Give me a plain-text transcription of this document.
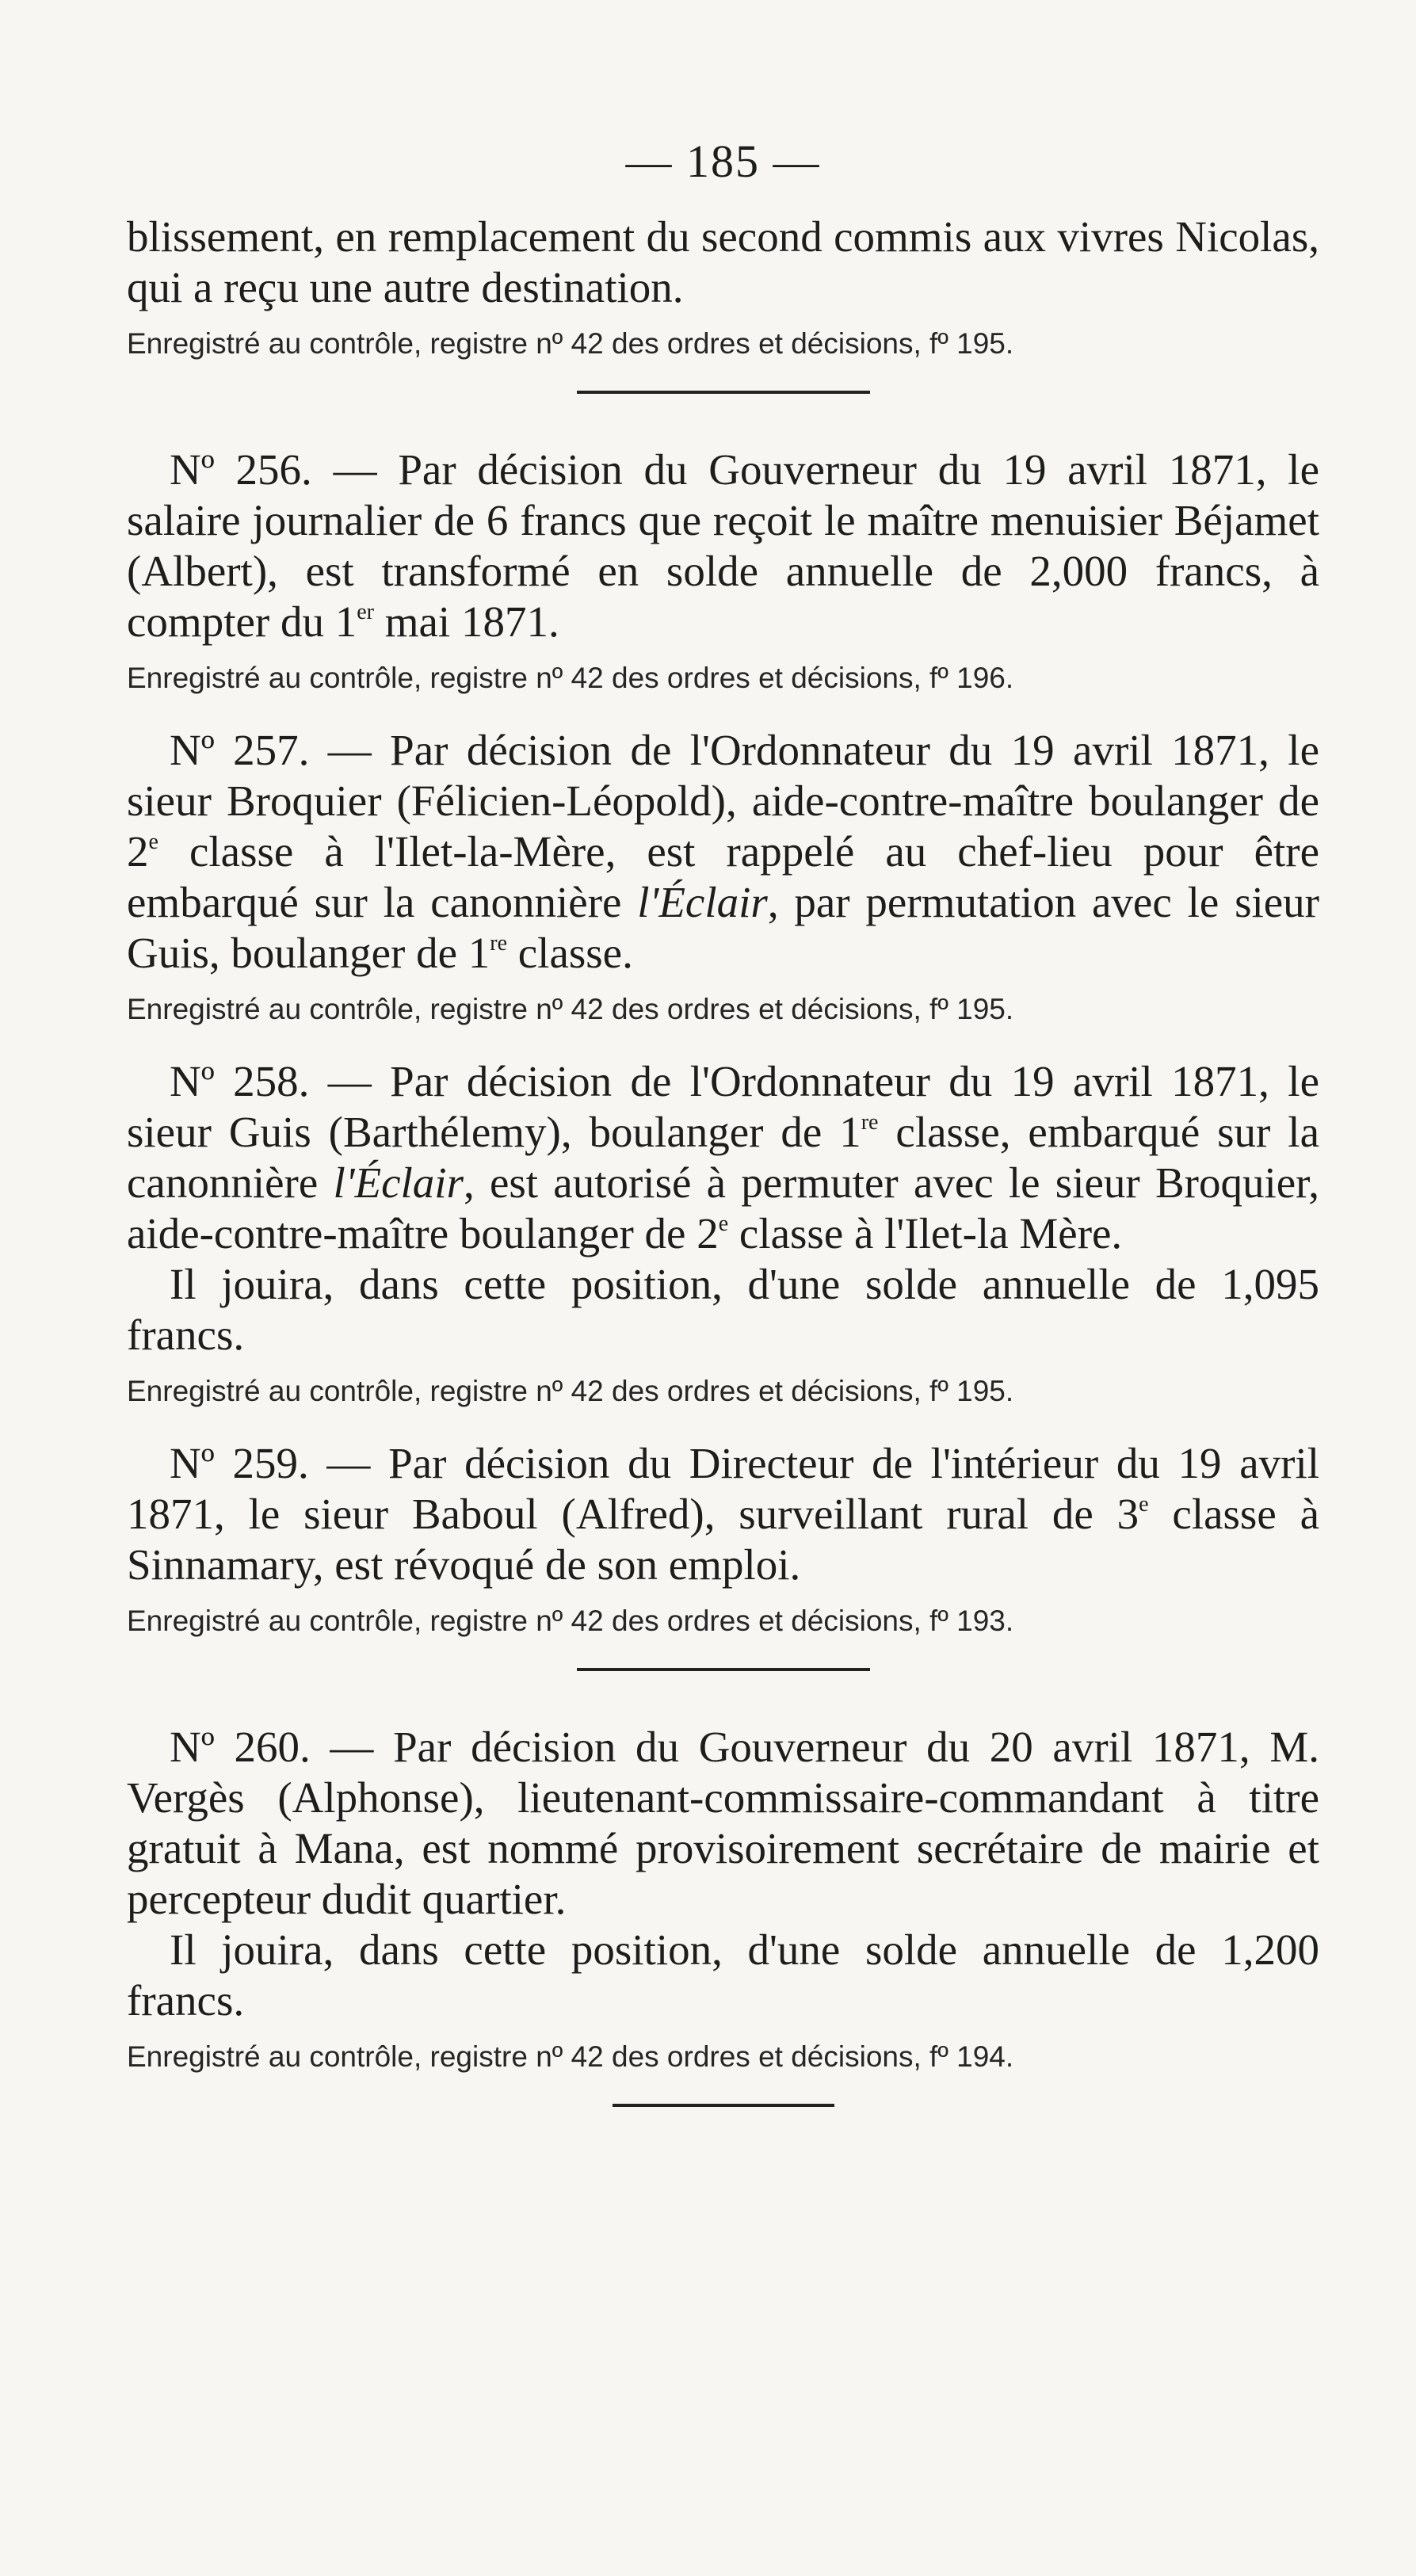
— 185 —

blissement, en remplacement du second commis aux vivres Nicolas, qui a reçu une autre destination.

Enregistré au contrôle, registre nº 42 des ordres et décisions, fº 195.

Nº 256. — Par décision du Gouverneur du 19 avril 1871, le salaire journalier de 6 francs que reçoit le maître menuisier Béjamet (Albert), est transformé en solde annuelle de 2,000 francs, à compter du 1er mai 1871.

Enregistré au contrôle, registre nº 42 des ordres et décisions, fº 196.

Nº 257. — Par décision de l'Ordonnateur du 19 avril 1871, le sieur Broquier (Félicien-Léopold), aide-contre-maître boulanger de 2e classe à l'Ilet-la-Mère, est rappelé au chef-lieu pour être embarqué sur la canonnière l'Éclair, par permutation avec le sieur Guis, boulanger de 1re classe.

Enregistré au contrôle, registre nº 42 des ordres et décisions, fº 195.

Nº 258. — Par décision de l'Ordonnateur du 19 avril 1871, le sieur Guis (Barthélemy), boulanger de 1re classe, embarqué sur la canonnière l'Éclair, est autorisé à permuter avec le sieur Broquier, aide-contre-maître boulanger de 2e classe à l'Ilet-la Mère.

Il jouira, dans cette position, d'une solde annuelle de 1,095 francs.

Enregistré au contrôle, registre nº 42 des ordres et décisions, fº 195.

Nº 259. — Par décision du Directeur de l'intérieur du 19 avril 1871, le sieur Baboul (Alfred), surveillant rural de 3e classe à Sinnamary, est révoqué de son emploi.

Enregistré au contrôle, registre nº 42 des ordres et décisions, fº 193.

Nº 260. — Par décision du Gouverneur du 20 avril 1871, M. Vergès (Alphonse), lieutenant-commissaire-commandant à titre gratuit à Mana, est nommé provisoirement secrétaire de mairie et percepteur dudit quartier.

Il jouira, dans cette position, d'une solde annuelle de 1,200 francs.

Enregistré au contrôle, registre nº 42 des ordres et décisions, fº 194.
